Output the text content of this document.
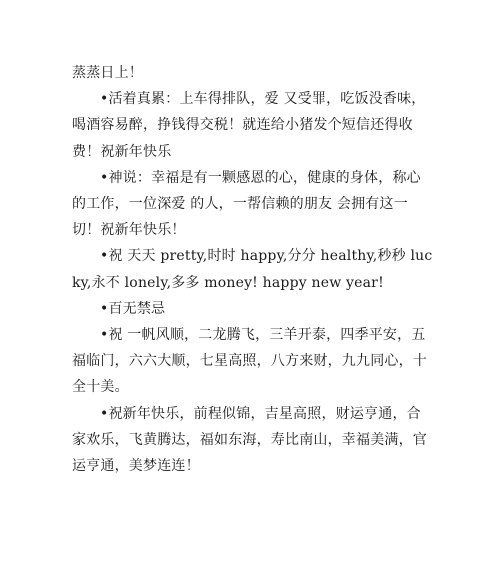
蒸蒸日上！

•活着真累：上车得排队，爱 又受罪，吃饭没香味，喝酒容易醉，挣钱得交税！就连给小猪发个短信还得收费！祝新年快乐

•神说：幸福是有一颗感恩的心，健康的身体，称心的工作，一位深爱 的人，一帮信赖的朋友 会拥有这一切！祝新年快乐！

•祝 天天 pretty,时时 happy,分分 healthy,秒秒 lucky,永不 lonely,多多 money! happy new year!

•百无禁忌

•祝 一帆风顺，二龙腾飞，三羊开泰，四季平安，五福临门，六六大顺，七星高照，八方来财，九九同心，十全十美。

•祝新年快乐，前程似锦，吉星高照，财运亨通，合家欢乐，飞黄腾达，福如东海，寿比南山，幸福美满，官运亨通，美梦连连！
